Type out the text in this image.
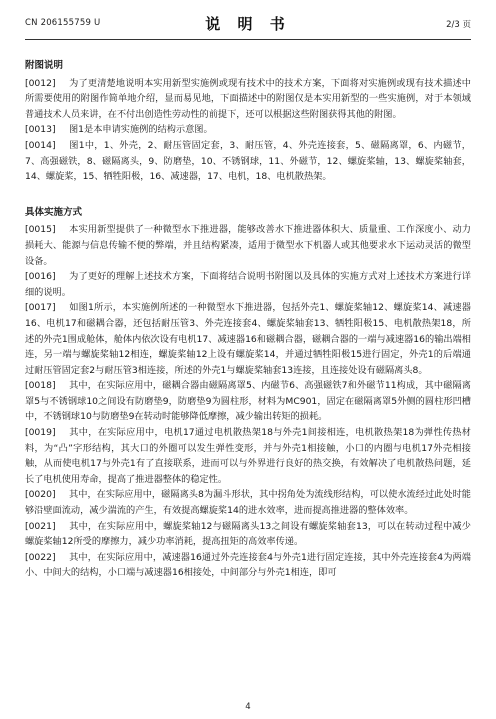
CN 206155759 U	说 明 书	2/3 页
附图说明

[0012] 为了更清楚地说明本实用新型实施例或现有技术中的技术方案，下面将对实施例或现有技术描述中所需要使用的附图作简单地介绍，显而易见地，下面描述中的附图仅是本实用新型的一些实施例，对于本领域普通技术人员来讲，在不付出创造性劳动性的前提下，还可以根据这些附图获得其他的附图。

[0013] 图1是本申请实施例的结构示意图。

[0014] 图1中，1、外壳，2、耐压管固定套，3、耐压管，4、外壳连接套，5、磁隔离罩，6、内磁节，7、高强磁铁，8、磁隔离头，9、防磨垫，10、不锈钢球，11、外磁节，12、螺旋桨轴，13、螺旋桨轴套，14、螺旋桨，15、牺牲阳极，16、减速器，17、电机，18、电机散热架。

具体实施方式

[0015] 本实用新型提供了一种微型水下推进器，能够改善水下推进器体积大、质量重、工作深度小、动力损耗大、能源与信息传输不便的弊端，并且结构紧凑，适用于微型水下机器人或其他要求水下运动灵活的微型设备。

[0016] 为了更好的理解上述技术方案，下面将结合说明书附图以及具体的实施方式对上述技术方案进行详细的说明。

[0017] 如图1所示，本实施例所述的一种微型水下推进器，包括外壳1、螺旋桨轴12、螺旋桨14、减速器16、电机17和磁耦合器，还包括耐压管3、外壳连接套4、螺旋桨轴套13、牺牲阳极15、电机散热架18，所述的外壳1围成舱体，舱体内依次设有电机17、减速器16和磁耦合器，磁耦合器的一端与减速器16的输出端相连，另一端与螺旋桨轴12相连，螺旋桨轴12上设有螺旋桨14，并通过牺牲阳极15进行固定，外壳1的后端通过耐压管固定套2与耐压管3相连接，所述的外壳1与螺旋桨轴套13连接，且连接处设有磁隔离头8。

[0018] 其中，在实际应用中，磁耦合器由磁隔离罩5、内磁节6、高强磁铁7和外磁节11构成，其中磁隔离罩5与不锈钢球10之间设有防磨垫9，防磨垫9为圆柱形，材料为MC901，固定在磁隔离罩5外侧的圆柱形凹槽中，不锈钢球10与防磨垫9在转动时能够降低摩擦，减少输出转矩的损耗。

[0019] 其中，在实际应用中，电机17通过电机散热架18与外壳1间接相连，电机散热架18为弹性传热材料，为“凸”字形结构，其大口的外圈可以发生弹性变形，并与外壳1相接触，小口的内圈与电机17外壳相接触，从而使电机17与外壳1有了直接联系，进而可以与外界进行良好的热交换，有效解决了电机散热问题，延长了电机使用寿命，提高了推进器整体的稳定性。

[0020] 其中，在实际应用中，磁隔离头8为漏斗形状，其中拐角处为流线形结构，可以使水流经过此处时能够沿壁面流动，减少湍流的产生，有效提高螺旋桨14的进水效率，进而提高推进器的整体效率。

[0021] 其中，在实际应用中，螺旋桨轴12与磁隔离头13之间设有螺旋桨轴套13，可以在转动过程中减少螺旋桨轴12所受的摩擦力，减少功率消耗，提高扭矩的高效率传递。

[0022] 其中，在实际应用中，减速器16通过外壳连接套4与外壳1进行固定连接，其中外壳连接套4为两端小、中间大的结构，小口端与减速器16相接处，中间部分与外壳1相连，即可

4
